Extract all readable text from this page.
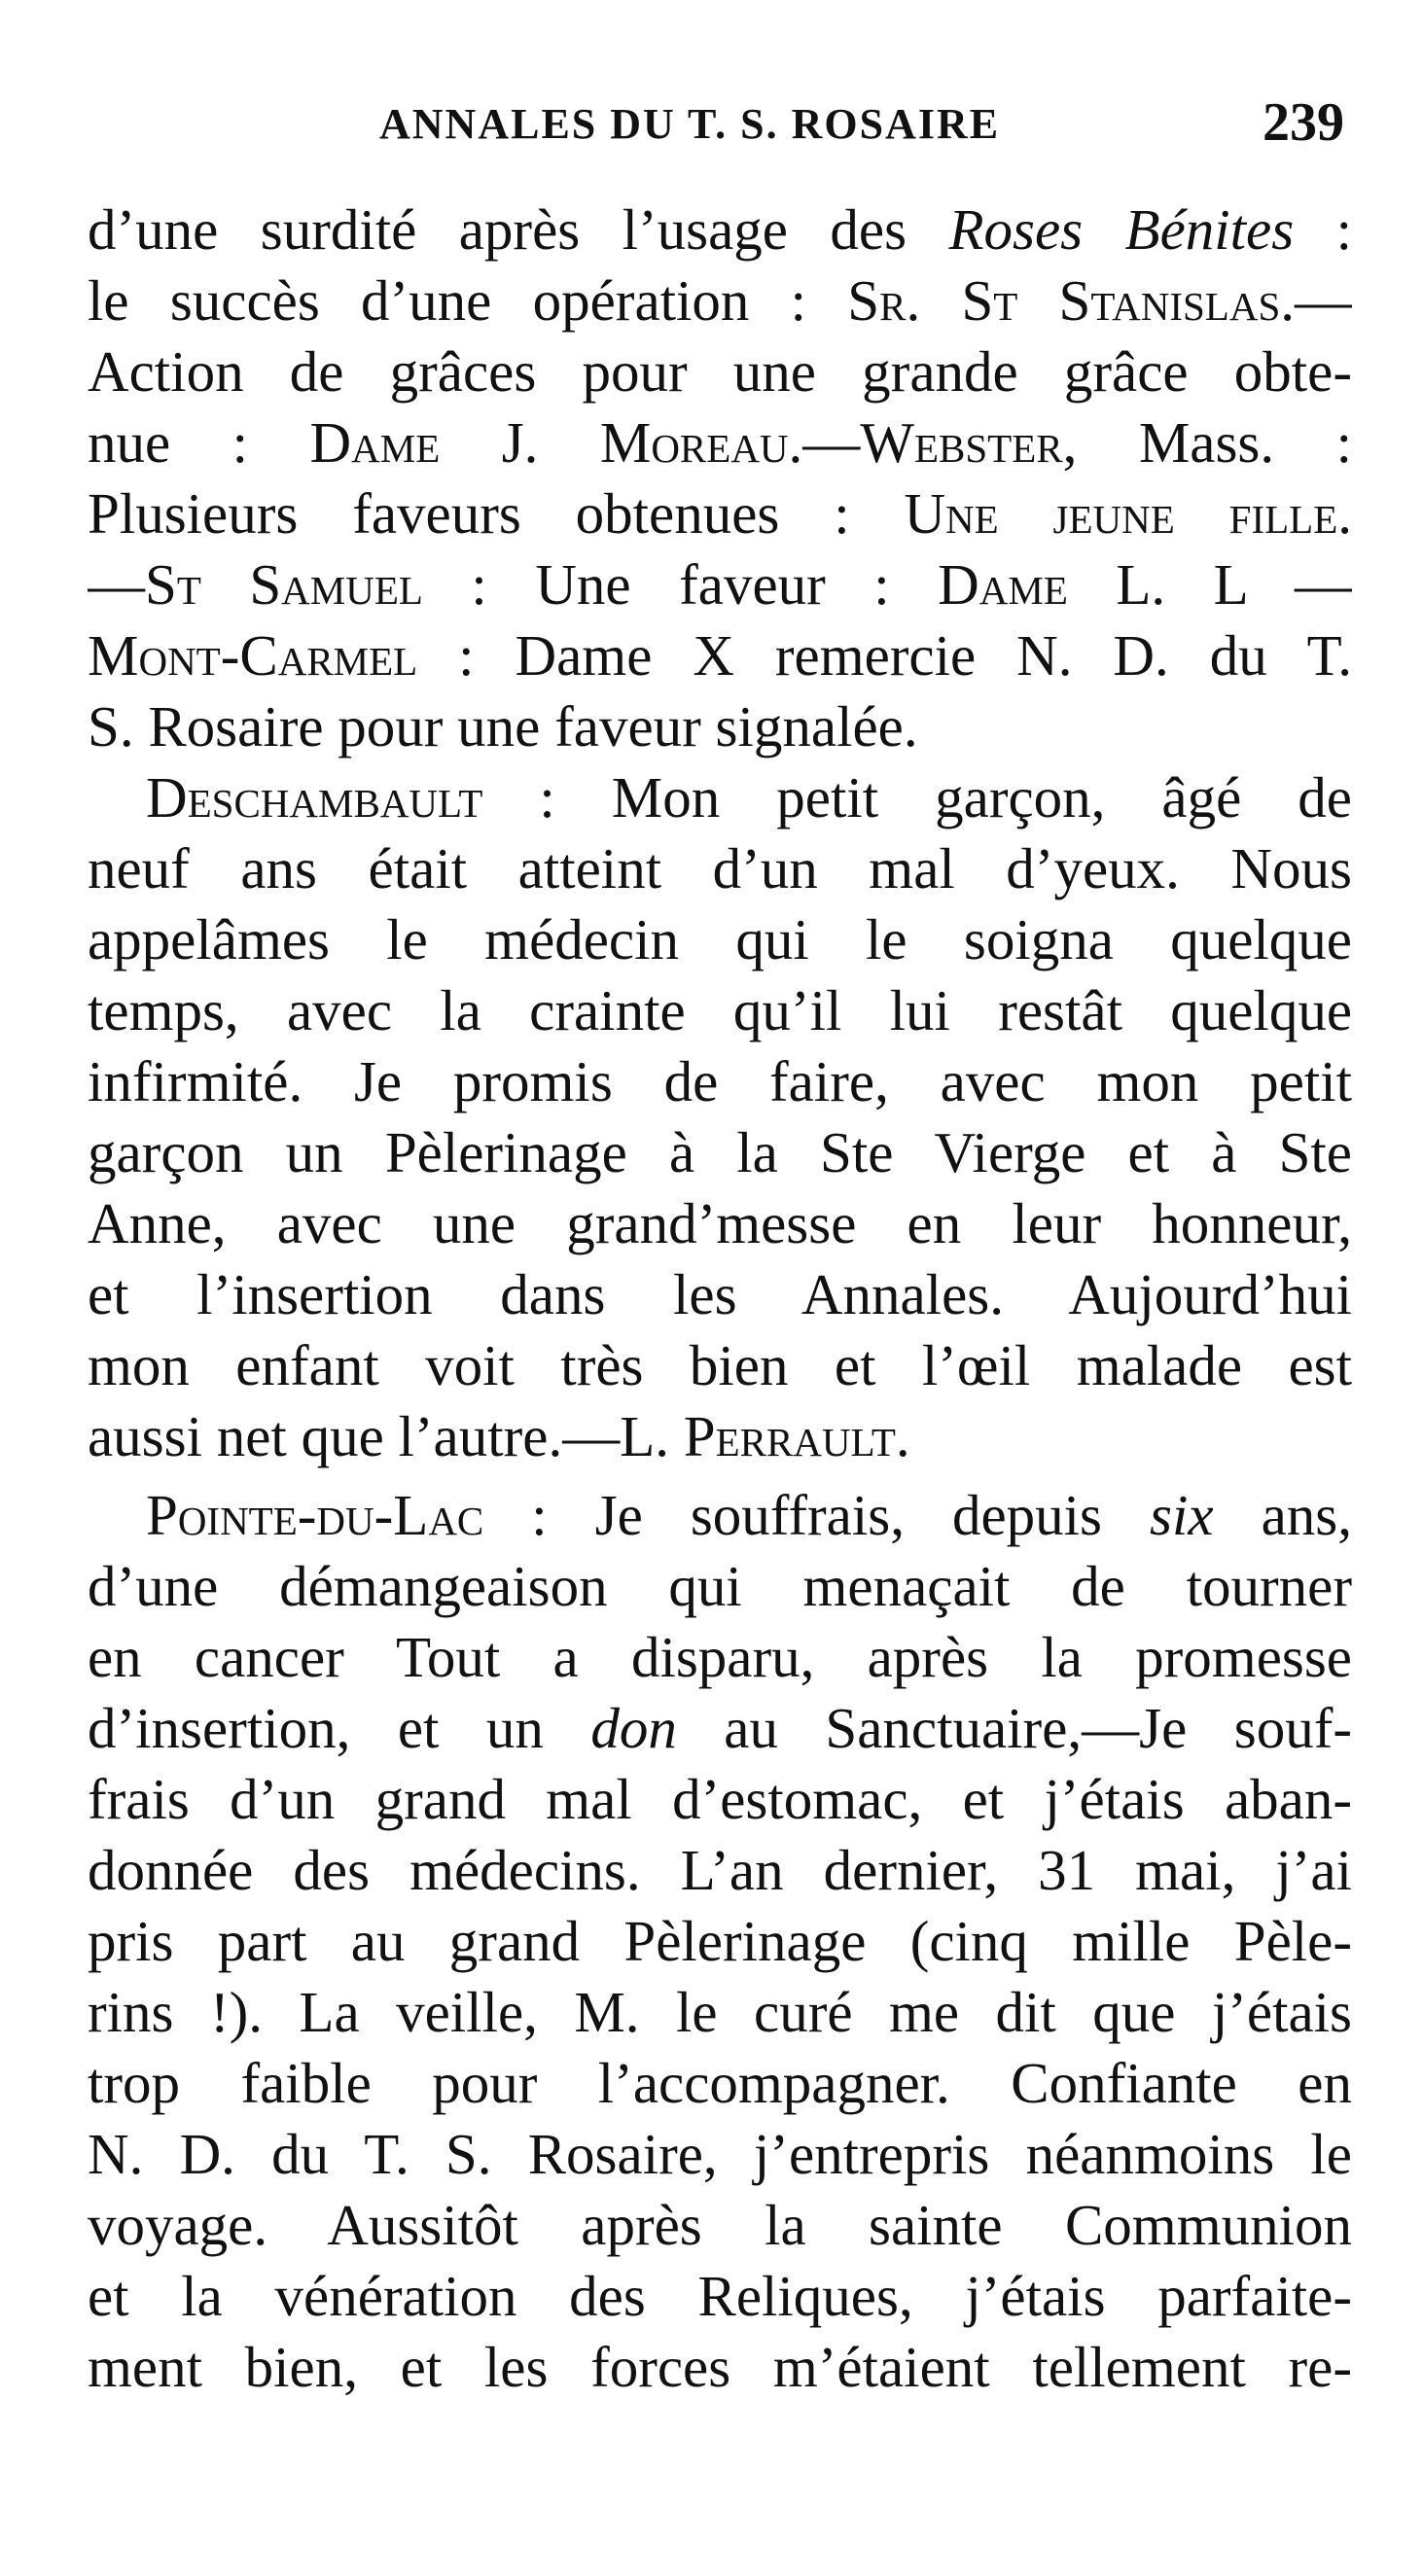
ANNALES DU T. S. ROSAIRE	239
d’une surdité après l’usage des Roses Bénites :
le succès d’une opération : Sr. St Stanislas.—
Action de grâces pour une grande grâce obte-
nue : Dame J. Moreau.—Webster, Mass. :
Plusieurs faveurs obtenues : Une jeune fille.
—St Samuel : Une faveur : Dame L. L —
Mont-Carmel : Dame X remercie N. D. du T.
S. Rosaire pour une faveur signalée.
Deschambault : Mon petit garçon, âgé de
neuf ans était atteint d’un mal d’yeux. Nous
appelâmes le médecin qui le soigna quelque
temps, avec la crainte qu’il lui restât quelque
infirmité. Je promis de faire, avec mon petit
garçon un Pèlerinage à la Ste Vierge et à Ste
Anne, avec une grand’messe en leur honneur,
et l’insertion dans les Annales. Aujourd’hui
mon enfant voit très bien et l’œil malade est
aussi net que l’autre.—L. Perrault.
Pointe-du-Lac : Je souffrais, depuis six ans,
d’une démangeaison qui menaçait de tourner
en cancer Tout a disparu, après la promesse
d’insertion, et un don au Sanctuaire,—Je souf-
frais d’un grand mal d’estomac, et j’étais aban-
donnée des médecins. L’an dernier, 31 mai, j’ai
pris part au grand Pèlerinage (cinq mille Pèle-
rins !). La veille, M. le curé me dit que j’étais
trop faible pour l’accompagner. Confiante en
N. D. du T. S. Rosaire, j’entrepris néanmoins le
voyage. Aussitôt après la sainte Communion
et la vénération des Reliques, j’étais parfaite-
ment bien, et les forces m’étaient tellement re-
